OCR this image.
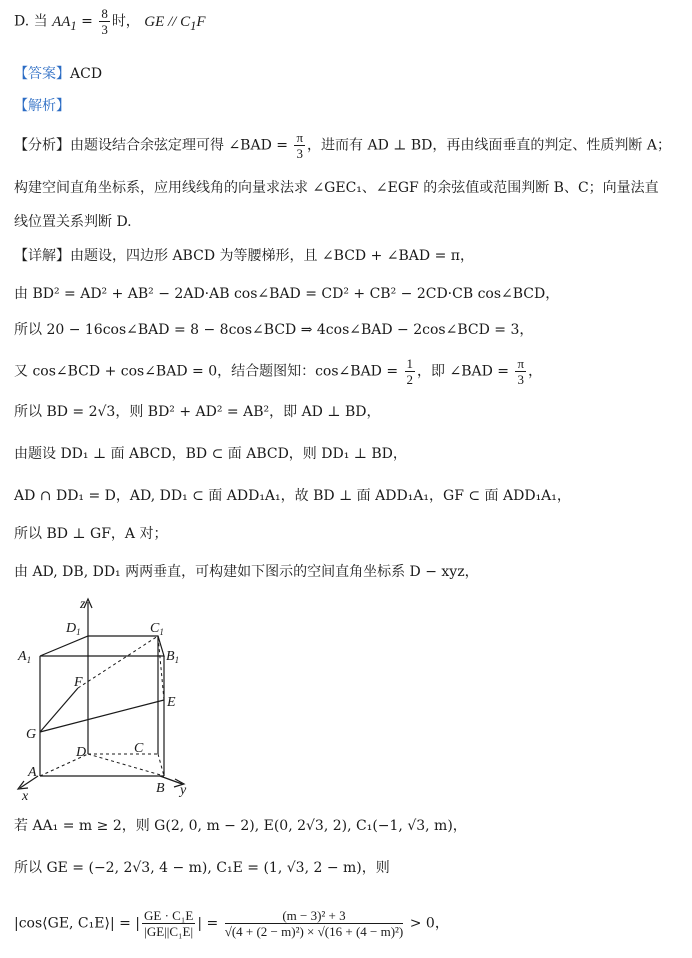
D. 当 $AA_1 = \frac{8}{3}$ 时， GE // $C_1F$
【答案】ACD
【解析】
【分析】由题设结合余弦定理可得 ∠BAD = $\frac{\pi}{3}$ ，进而有 AD ⊥ BD，再由线面垂直的判定、性质判断 A；
构建空间直角坐标系，应用线线角的向量求法求 ∠GEC₁、∠EGF 的余弦值或范围判断 B、C；向量法直
线位置关系判断 D.
【详解】由题设，四边形 ABCD 为等腰梯形，且 ∠BCD + ∠BAD = π，
由 BD² = AD² + AB² − 2AD·AB cos∠BAD = CD² + CB² − 2CD·CB cos∠BCD，
所以 20 − 16cos∠BAD = 8 − 8cos∠BCD ⇒ 4cos∠BAD − 2cos∠BCD = 3，
又 cos∠BCD + cos∠BAD = 0，结合题图知：cos∠BAD = $\frac{1}{2}$ ，即 ∠BAD = $\frac{\pi}{3}$ ，
所以 BD = 2√3，则 BD² + AD² = AB²，即 AD ⊥ BD，
由题设 DD₁ ⊥ 面 ABCD，BD ⊂ 面 ABCD，则 DD₁ ⊥ BD，
AD ∩ DD₁ = D，AD, DD₁ ⊂ 面 ADD₁A₁，故 BD ⊥ 面 ADD₁A₁，GF ⊂ 面 ADD₁A₁，
所以 BD ⊥ GF，A 对；
由 AD, DB, DD₁ 两两垂直，可构建如下图示的空间直角坐标系 D − xyz，
z
$D_1$	$C_1$
$A_1$	$B_1$
F
E
G
D	C
A
B
x	y
若 AA₁ = m ≥ 2，则 G(2, 0, m − 2), E(0, 2√3, 2), C₁(−1, √3, m)，
所以 GE = (−2, 2√3, 4 − m), C₁E = (1, √3, 2 − m)，则
|cos⟨GE, C₁E⟩| = | $\frac{\text{GE · C₁E}}{\text{|GE||C₁E|}}$ | = $\frac{\text{(m − 3)² + 3}}{\text{√(4 + (2 − m)²) × √(16 + (4 − m)²)}} > 0$，
